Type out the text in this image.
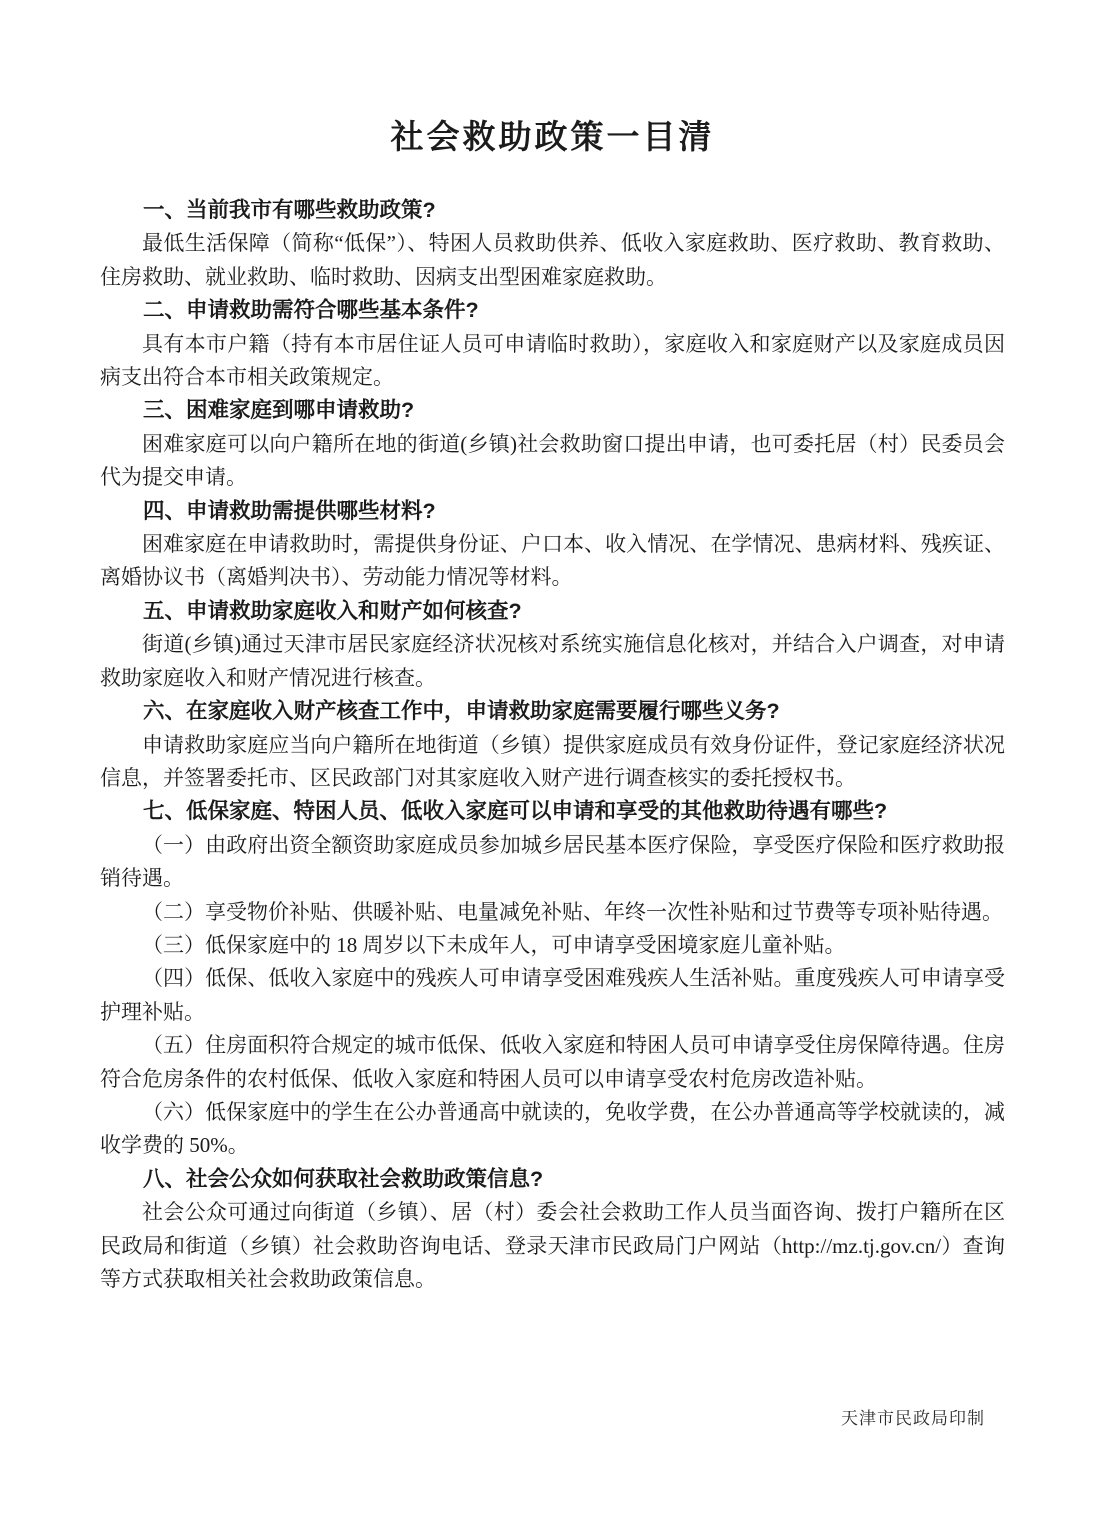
社会救助政策一目清
一、当前我市有哪些救助政策?

最低生活保障（简称“低保”）、特困人员救助供养、低收入家庭救助、医疗救助、教育救助、住房救助、就业救助、临时救助、因病支出型困难家庭救助。

二、申请救助需符合哪些基本条件?

具有本市户籍（持有本市居住证人员可申请临时救助），家庭收入和家庭财产以及家庭成员因病支出符合本市相关政策规定。

三、困难家庭到哪申请救助?

困难家庭可以向户籍所在地的街道(乡镇)社会救助窗口提出申请，也可委托居（村）民委员会代为提交申请。

四、申请救助需提供哪些材料?

困难家庭在申请救助时，需提供身份证、户口本、收入情况、在学情况、患病材料、残疾证、离婚协议书（离婚判决书）、劳动能力情况等材料。

五、申请救助家庭收入和财产如何核查?

街道(乡镇)通过天津市居民家庭经济状况核对系统实施信息化核对，并结合入户调查，对申请救助家庭收入和财产情况进行核查。

六、在家庭收入财产核查工作中，申请救助家庭需要履行哪些义务?

申请救助家庭应当向户籍所在地街道（乡镇）提供家庭成员有效身份证件，登记家庭经济状况信息，并签署委托市、区民政部门对其家庭收入财产进行调查核实的委托授权书。

七、低保家庭、特困人员、低收入家庭可以申请和享受的其他救助待遇有哪些?

（一）由政府出资全额资助家庭成员参加城乡居民基本医疗保险，享受医疗保险和医疗救助报销待遇。

（二）享受物价补贴、供暖补贴、电量减免补贴、年终一次性补贴和过节费等专项补贴待遇。

（三）低保家庭中的 18 周岁以下未成年人，可申请享受困境家庭儿童补贴。

（四）低保、低收入家庭中的残疾人可申请享受困难残疾人生活补贴。重度残疾人可申请享受护理补贴。

（五）住房面积符合规定的城市低保、低收入家庭和特困人员可申请享受住房保障待遇。住房符合危房条件的农村低保、低收入家庭和特困人员可以申请享受农村危房改造补贴。

（六）低保家庭中的学生在公办普通高中就读的，免收学费，在公办普通高等学校就读的，减收学费的 50%。

八、社会公众如何获取社会救助政策信息?

社会公众可通过向街道（乡镇）、居（村）委会社会救助工作人员当面咨询、拨打户籍所在区民政局和街道（乡镇）社会救助咨询电话、登录天津市民政局门户网站（http://mz.tj.gov.cn/）查询等方式获取相关社会救助政策信息。

天津市民政局印制
